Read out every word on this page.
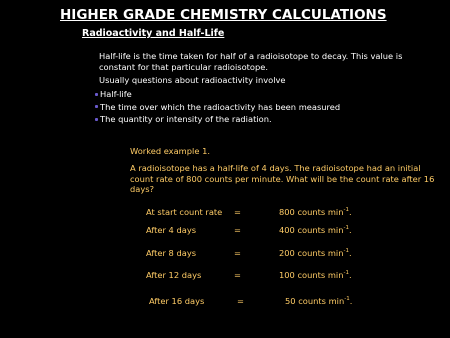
HIGHER GRADE CHEMISTRY CALCULATIONS
Radioactivity and Half-Life
Half-life is the time taken for half of a radioisotope to decay. This value is constant for that particular radioisotope.
Usually questions about radioactivity involve
Half-life
The time over which the radioactivity has been measured
The quantity or intensity of the radiation.
Worked example 1.
A radioisotope has a half-life of 4 days. The radioisotope had an initial count rate of 800 counts per minute. What will be the count rate after 16 days?
At start count rate =	800 counts $\min^{-1}$.
After 4 days	=	400 counts $\min^{-1}$.
After 8 days	=	200 counts $\min^{-1}$.
After 12 days	=	100 counts $\min^{-1}$.
After 16 days	=	50 counts $\min^{-1}$.
